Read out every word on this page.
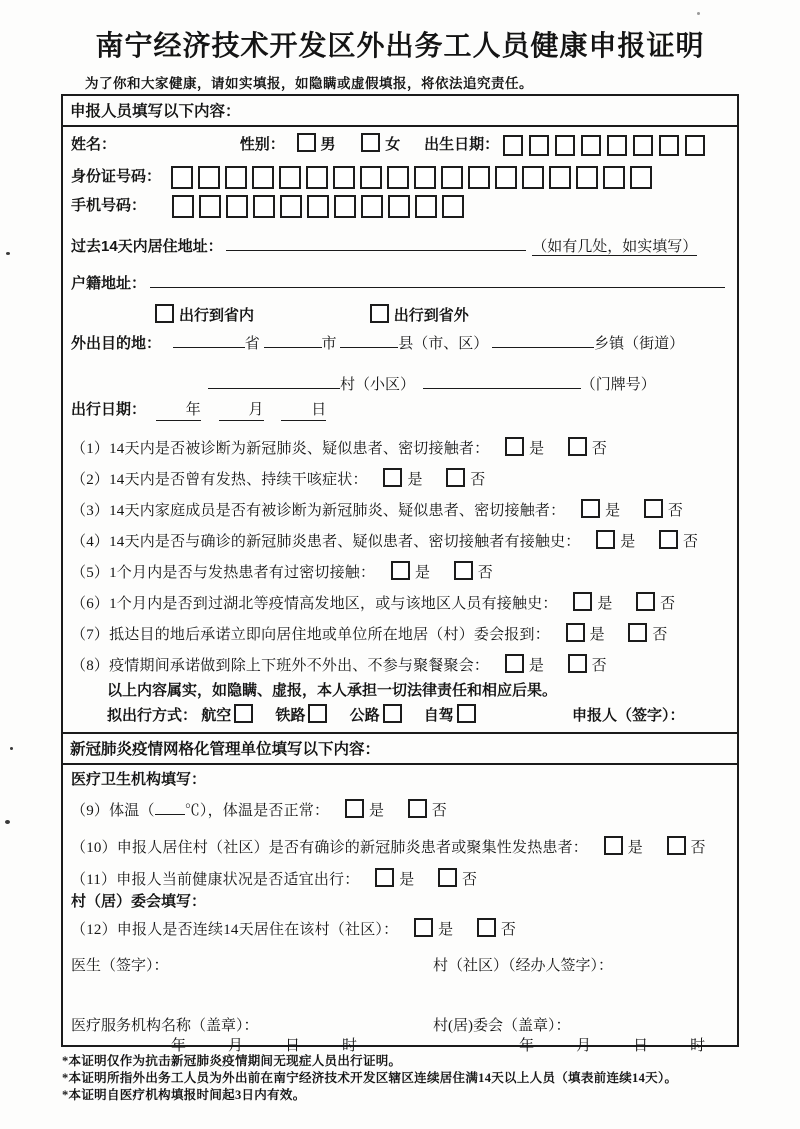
南宁经济技术开发区外出务工人员健康申报证明
为了你和大家健康，请如实填报，如隐瞒或虚假填报，将依法追究责任。
申报人员填写以下内容：
姓名：	性别： 男	女 出生日期：
身份证号码：
手机号码：
过去14天内居住地址：	（如有几处，如实填写）
户籍地址：
出行到省内	出行到省外
外出目的地：	省	市	县（市、区）	乡镇（街道）
村（小区）	（门牌号）
出行日期：	年	月	日
（1）14天内是否被诊断为新冠肺炎、疑似患者、密切接触者：	是	否
（2）14天内是否曾有发热、持续干咳症状：	是	否
（3）14天内家庭成员是否有被诊断为新冠肺炎、疑似患者、密切接触者：	是	否
（4）14天内是否与确诊的新冠肺炎患者、疑似患者、密切接触者有接触史：	是	否
（5）1个月内是否与发热患者有过密切接触：	是	否
（6）1个月内是否到过湖北等疫情高发地区，或与该地区人员有接触史：	是	否
（7）抵达目的地后承诺立即向居住地或单位所在地居（村）委会报到：	是	否
（8）疫情期间承诺做到除上下班外不外出、不参与聚餐聚会：	是	否
以上内容属实，如隐瞒、虚报，本人承担一切法律责任和相应后果。
拟出行方式： 航空	铁路	公路	自驾	申报人（签字）：
新冠肺炎疫情网格化管理单位填写以下内容：
医疗卫生机构填写：
（9）体温（ ℃），体温是否正常：	是	否
（10）申报人居住村（社区）是否有确诊的新冠肺炎患者或聚集性发热患者：	是	否
（11）申报人当前健康状况是否适宜出行：	是	否
村（居）委会填写：
（12）申报人是否连续14天居住在该村（社区）：	是	否
医生（签字）：	村（社区）（经办人签字）：
医疗服务机构名称（盖章）：	村(居)委会（盖章）：
年	月	日	时	年	月	日	时
*本证明仅作为抗击新冠肺炎疫情期间无现症人员出行证明。
*本证明所指外出务工人员为外出前在南宁经济技术开发区辖区连续居住满14天以上人员（填表前连续14天）。
*本证明自医疗机构填报时间起3日内有效。
